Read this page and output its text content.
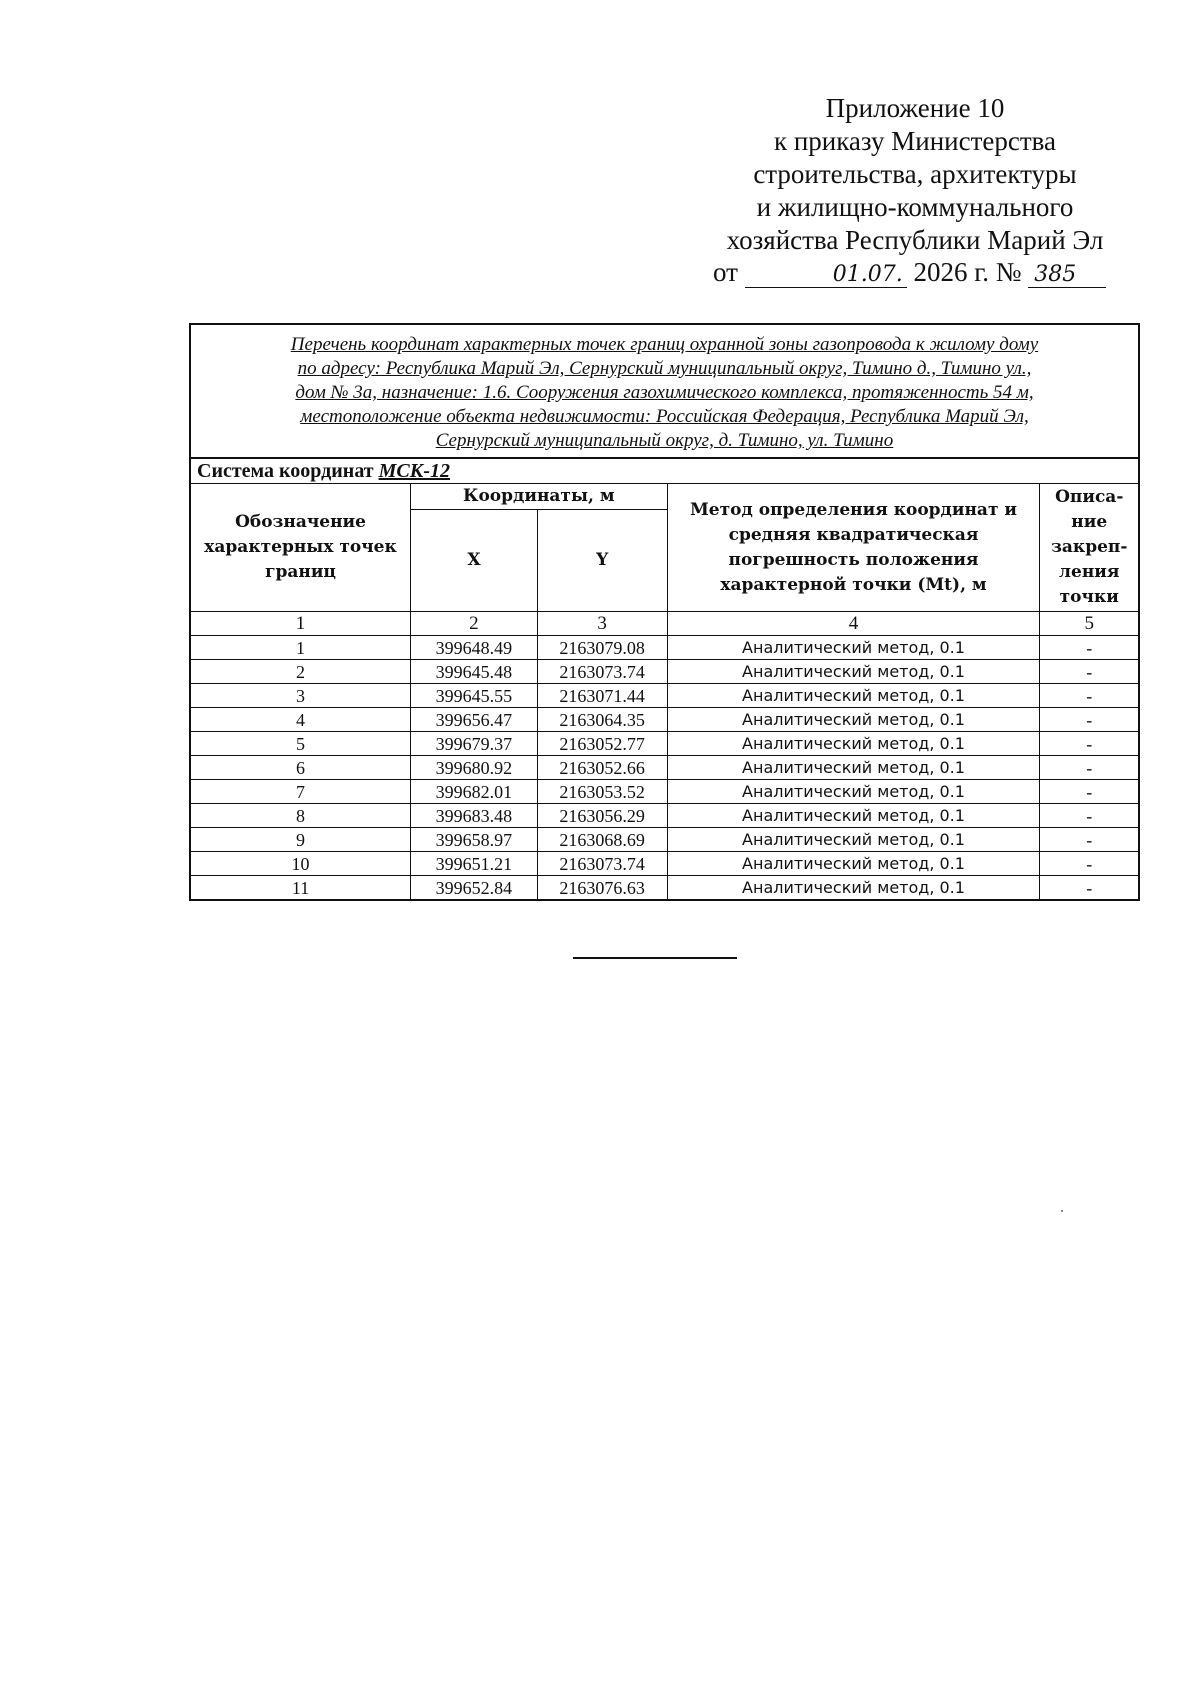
Приложение 10
к приказу Министерства
строительства, архитектуры
и жилищно-коммунального
хозяйства Республики Марий Эл
от	01.07. 2026 г. № 385
Перечень координат характерных точек границ охранной зоны газопровода к жилому дому
по адресу: Республика Марий Эл, Сернурский муниципальный округ, Тимино д., Тимино ул.,
дом № 3а, назначение: 1.6. Сооружения газохимического комплекса, протяженность 54 м,
местоположение объекта недвижимости: Российская Федерация, Республика Марий Эл,
Сернурский муниципальный округ, д. Тимино, ул. Тимино				

Система координат МСК-12				
Обозначение характерных точек границ	Координаты, м		Метод определения координат и средняя квадратическая погрешность положения характерной точки (Mt), м	Описа-ние закреп-ления точки
	X	Y		
1	2	3	4	5
1	399648.49	2163079.08	Аналитический метод, 0.1	-
2	399645.48	2163073.74	Аналитический метод, 0.1	-
3	399645.55	2163071.44	Аналитический метод, 0.1	-
4	399656.47	2163064.35	Аналитический метод, 0.1	-
5	399679.37	2163052.77	Аналитический метод, 0.1	-
6	399680.92	2163052.66	Аналитический метод, 0.1	-
7	399682.01	2163053.52	Аналитический метод, 0.1	-
8	399683.48	2163056.29	Аналитический метод, 0.1	-
9	399658.97	2163068.69	Аналитический метод, 0.1	-
10	399651.21	2163073.74	Аналитический метод, 0.1	-
11	399652.84	2163076.63	Аналитический метод, 0.1	-
